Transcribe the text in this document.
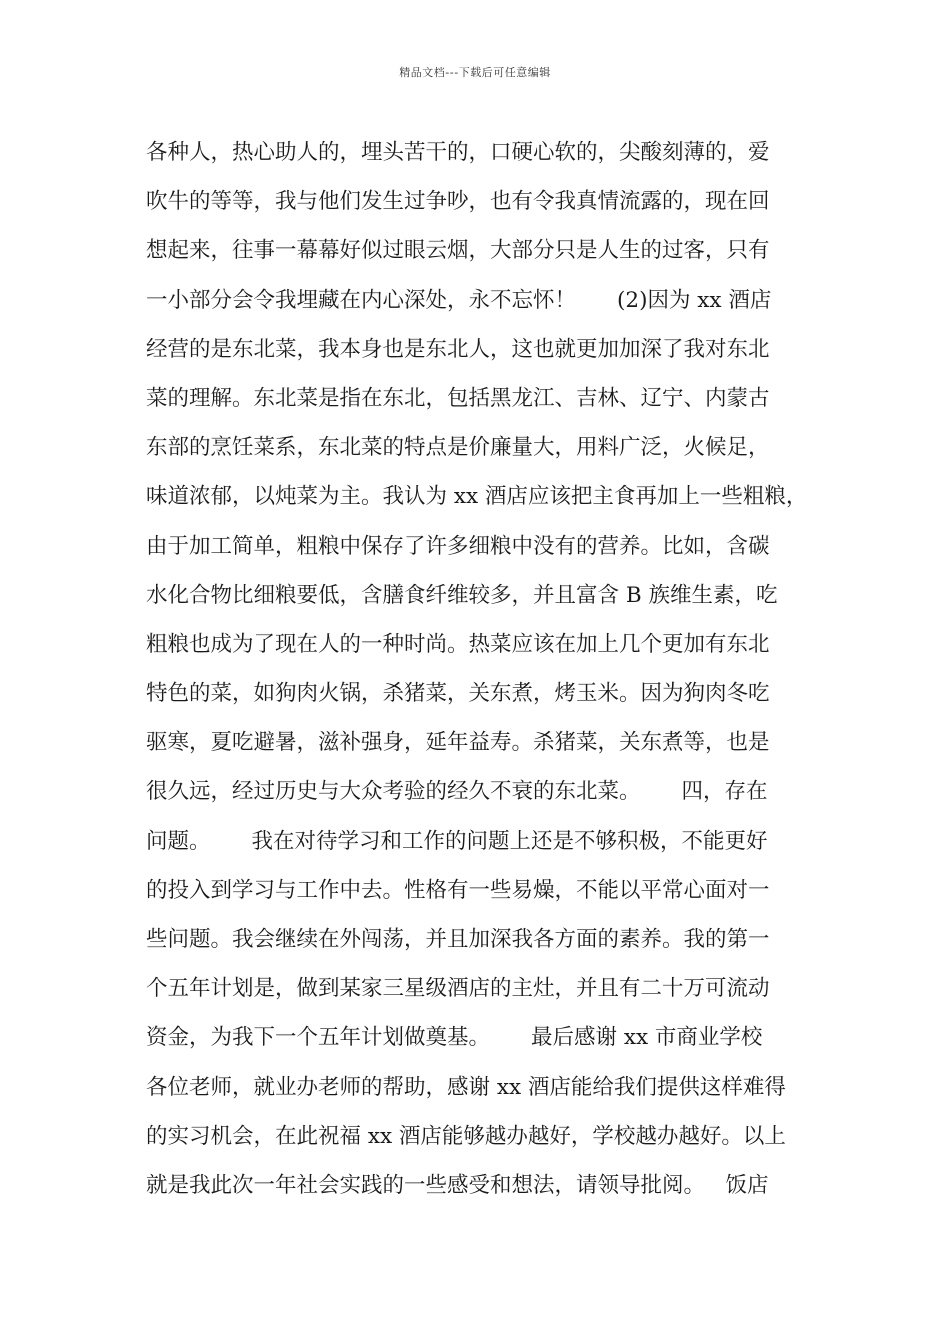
精品文档---下载后可任意编辑
各种人，热心助人的，埋头苦干的，口硬心软的，尖酸刻薄的，爱
吹牛的等等，我与他们发生过争吵，也有令我真情流露的，现在回
想起来，往事一幕幕好似过眼云烟，大部分只是人生的过客，只有
一小部分会令我埋藏在内心深处，永不忘怀！      (2)因为 xx 酒店
经营的是东北菜，我本身也是东北人，这也就更加加深了我对东北
菜的理解。东北菜是指在东北，包括黑龙江、吉林、辽宁、内蒙古
东部的烹饪菜系，东北菜的特点是价廉量大，用料广泛，火候足，
味道浓郁，以炖菜为主。我认为 xx 酒店应该把主食再加上一些粗粮，
由于加工简单，粗粮中保存了许多细粮中没有的营养。比如，含碳
水化合物比细粮要低，含膳食纤维较多，并且富含 B 族维生素，吃
粗粮也成为了现在人的一种时尚。热菜应该在加上几个更加有东北
特色的菜，如狗肉火锅，杀猪菜，关东煮，烤玉米。因为狗肉冬吃
驱寒，夏吃避暑，滋补强身，延年益寿。杀猪菜，关东煮等，也是
很久远，经过历史与大众考验的经久不衰的东北菜。      四，存在
问题。      我在对待学习和工作的问题上还是不够积极，不能更好
的投入到学习与工作中去。性格有一些易燥，不能以平常心面对一
些问题。我会继续在外闯荡，并且加深我各方面的素养。我的第一
个五年计划是，做到某家三星级酒店的主灶，并且有二十万可流动
资金，为我下一个五年计划做奠基。      最后感谢 xx 市商业学校
各位老师，就业办老师的帮助，感谢 xx 酒店能给我们提供这样难得
的实习机会，在此祝福 xx 酒店能够越办越好，学校越办越好。以上
就是我此次一年社会实践的一些感受和想法，请领导批阅。   饭店
